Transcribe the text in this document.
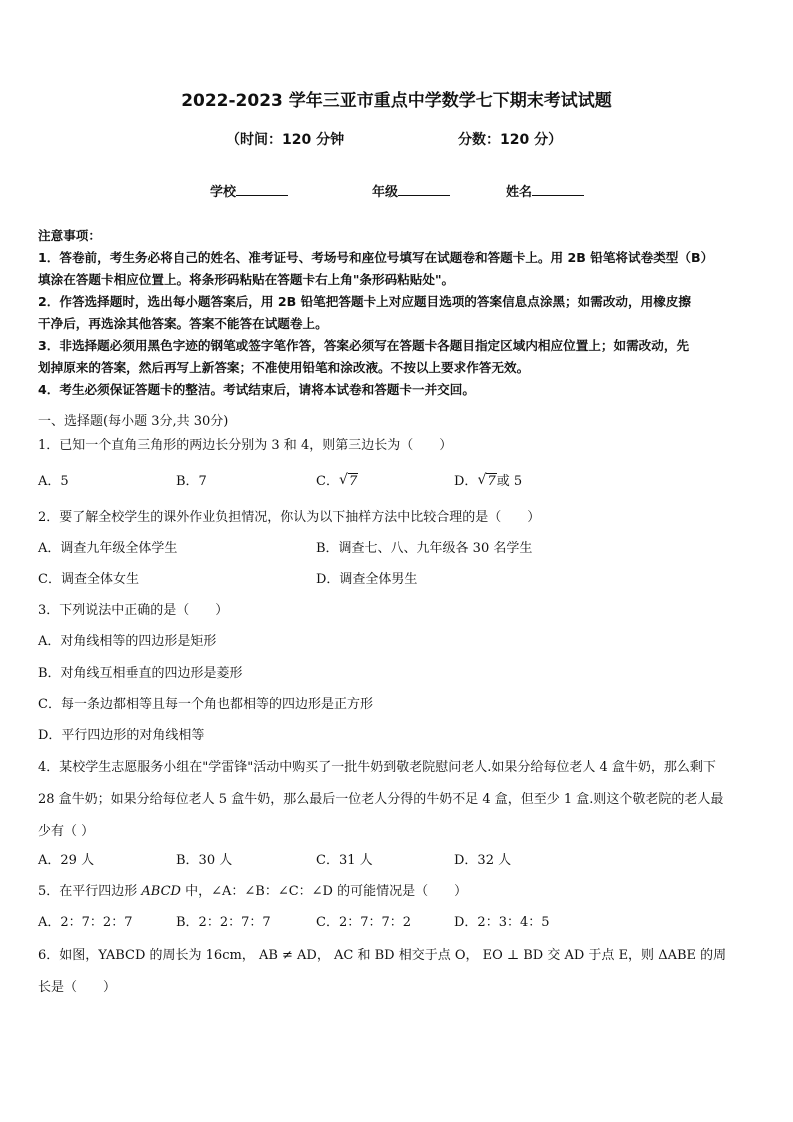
2022-2023 学年三亚市重点中学数学七下期末考试试题
（时间：120 分钟	分数：120 分）
学校	年级	姓名
注意事项：
1．答卷前，考生务必将自己的姓名、准考证号、考场号和座位号填写在试题卷和答题卡上。用 2B 铅笔将试卷类型（B）
填涂在答题卡相应位置上。将条形码粘贴在答题卡右上角"条形码粘贴处"。
2．作答选择题时，选出每小题答案后，用 2B 铅笔把答题卡上对应题目选项的答案信息点涂黑；如需改动，用橡皮擦
干净后，再选涂其他答案。答案不能答在试题卷上。
3．非选择题必须用黑色字迹的钢笔或签字笔作答，答案必须写在答题卡各题目指定区域内相应位置上；如需改动，先
划掉原来的答案，然后再写上新答案；不准使用铅笔和涂改液。不按以上要求作答无效。
4．考生必须保证答题卡的整洁。考试结束后，请将本试卷和答题卡一并交回。
一、选择题(每小题 3分,共 30分)
1．已知一个直角三角形的两边长分别为 3 和 4，则第三边长为（　　）
A．5	B．7	C． √ 7	D． √ 7或 5
2．要了解全校学生的课外作业负担情况，你认为以下抽样方法中比较合理的是（　　）
A．调查九年级全体学生	B．调查七、八、九年级各 30 名学生
C．调查全体女生	D．调查全体男生
3．下列说法中正确的是（　　）
A．对角线相等的四边形是矩形
B．对角线互相垂直的四边形是菱形
C．每一条边都相等且每一个角也都相等的四边形是正方形
D．平行四边形的对角线相等
4．某校学生志愿服务小组在"学雷锋"活动中购买了一批牛奶到敬老院慰问老人.如果分给每位老人 4 盒牛奶，那么剩下
28 盒牛奶；如果分给每位老人 5 盒牛奶，那么最后一位老人分得的牛奶不足 4 盒，但至少 1 盒.则这个敬老院的老人最
少有（ ）
A．29 人	B．30 人	C．31 人	D．32 人
5．在平行四边形 ABCD 中，∠A：∠B：∠C：∠D 的可能情况是（　　）
A．2：7：2：7	B．2：2：7：7	C．2：7：7：2	D．2：3：4：5
6．如图，YABCD 的周长为 16cm， AB ≠ AD， AC 和 BD 相交于点 O， EO ⊥ BD 交 AD 于点 E，则 ΔABE 的周
长是（　　）
